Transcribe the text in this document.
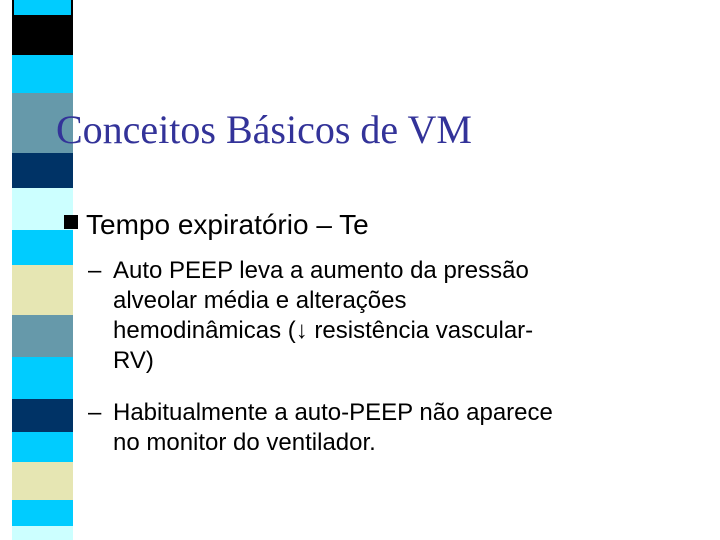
Conceitos Básicos de VM
Tempo expiratório – Te
– Auto PEEP leva a aumento da pressão
alveolar média e alterações
hemodinâmicas (↓ resistência vascular-
RV)
– Habitualmente a auto-PEEP não aparece
no monitor do ventilador.
